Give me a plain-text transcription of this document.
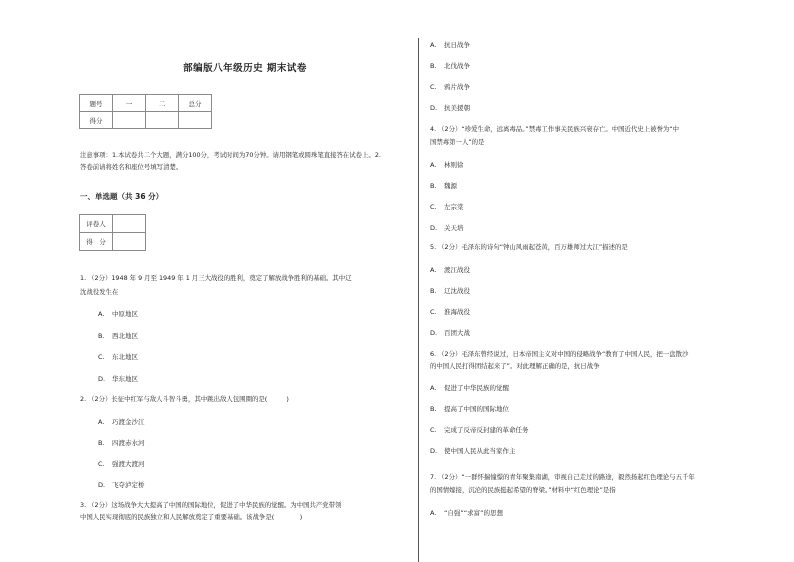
部编版八年级历史 期末试卷
题号	一	二	总分
得分			
注意事项：1.本试卷共二个大题，满分100分，考试时间为70分钟。请用钢笔或圆珠笔直接答在试卷上。2.
答卷前请将姓名和座位号填写清楚。
一、单选题（共 36 分）
评卷人	
得　分	
1. （2分）1948 年 9 月至 1949 年 1 月三大战役的胜利，奠定了解放战争胜利的基础。其中辽
沈战役发生在
A. 中原地区
B. 西北地区
C. 东北地区
D. 华东地区
2. （2分）长征中红军与敌人斗智斗勇，其中跳出敌人包围圈的是(　　　)
A. 巧渡金沙江
B. 四渡赤水河
C. 强渡大渡河
D. 飞夺泸定桥
3. （2分）这场战争大大提高了中国的国际地位，促进了中华民族的觉醒。为中国共产党带领
中国人民实现彻底的民族独立和人民解放奠定了重要基础。该战争是(　　　　)
A. 抗日战争
B. 北伐战争
C. 鸦片战争
D. 抗美援朝
4. （2分）“珍爱生命，远离毒品。”禁毒工作事关民族兴衰存亡。中国近代史上被誉为“中
国禁毒第一人”的是
A. 林则徐
B. 魏源
C. 左宗棠
D. 关天培
5. （2分）毛泽东的诗句“钟山风雨起苍黄，百万雄师过大江”描述的是
A. 渡江战役
B. 辽沈战役
C. 淮海战役
D. 百团大战
6. （2分）毛泽东曾经说过，日本帝国主义对中国的侵略战争“教育了中国人民，把一盘散沙
的中国人民打得团结起来了”。对此理解正确的是，抗日战争
A. 促进了中华民族的觉醒
B. 提高了中国的国际地位
C. 完成了反帝反封建的革命任务
D. 使中国人民从此当家作主
7. （2分）“一群怀揣憧憬的青年聚集南湖，审视自己走过的路途，毅然扬起红色理论与五千年
的国情嫁接，沉沦的民族挺起希望的脊梁。”材料中“红色理论”是指
A. “自强”“求富”的思想
